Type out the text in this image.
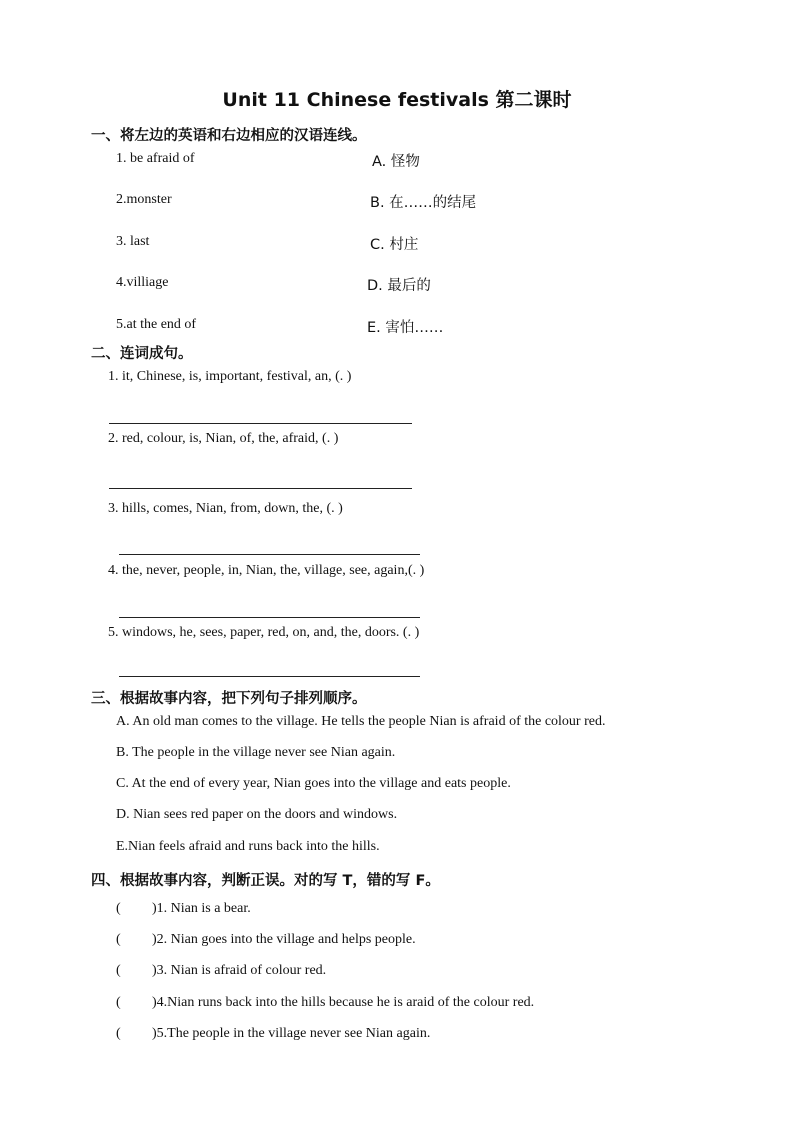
Unit 11 Chinese festivals 第二课时
一、将左边的英语和右边相应的汉语连线。
1. be afraid of
2.monster
3. last
4.villiage
5.at the end of
A. 怪物
B. 在……的结尾
C. 村庄
D. 最后的
E. 害怕……
二、连词成句。
1. it, Chinese, is, important, festival, an, (. )
2. red, colour, is, Nian, of, the, afraid, (. )
3. hills, comes, Nian, from, down, the, (. )
4. the, never, people, in, Nian, the, village, see, again,(. )
5. windows, he, sees, paper, red, on, and, the, doors. (. )
三、根据故事内容，把下列句子排列顺序。
A. An old man comes to the village. He tells the people Nian is afraid of the colour red.
B. The people in the village never see Nian again.
C. At the end of every year, Nian goes into the village and eats people.
D. Nian sees red paper on the doors and windows.
E.Nian feels afraid and runs back into the hills.
四、根据故事内容，判断正误。对的写 T，错的写 F。
( )1. Nian is a bear.
( )2. Nian goes into the village and helps people.
( )3. Nian is afraid of colour red.
( )4.Nian runs back into the hills because he is araid of the colour red.
( )5.The people in the village never see Nian again.
